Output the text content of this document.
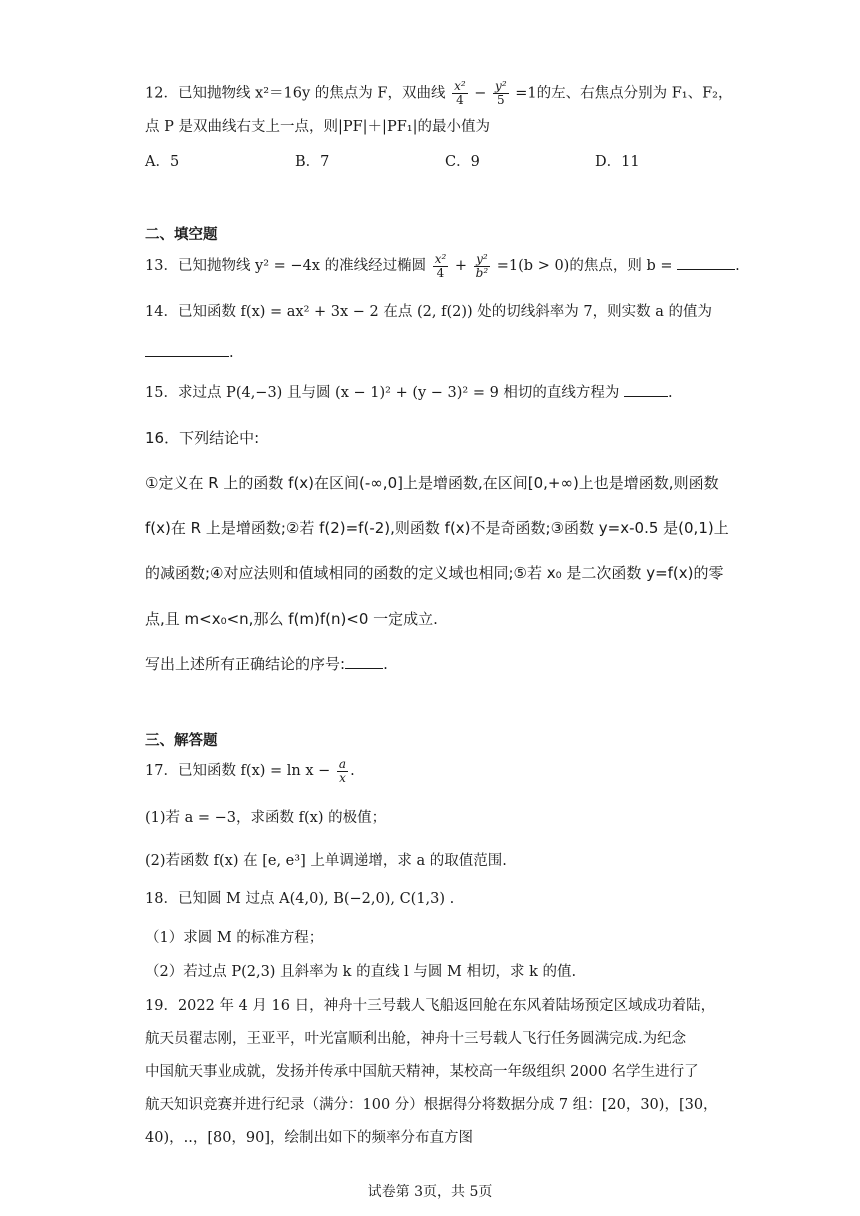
12．已知抛物线 x²＝16y 的焦点为 F，双曲线 $\frac{\text{x²}}{4} - \frac{\text{y²}}{5} =1$的左、右焦点分别为 F₁、F₂，
点 P 是双曲线右支上一点，则|PF|＋|PF₁|的最小值为
A．5	B．7	C．9	D．11
二、填空题
13．已知抛物线 y² = −4x 的准线经过椭圆 $\frac{\text{x²}}{4} + \frac{\text{y²}}{\text{b²}} =1(b > 0)$的焦点，则 b =	.
14．已知函数 f(x) = ax² + 3x − 2 在点 (2, f(2)) 处的切线斜率为 7，则实数 a 的值为
.
15．求过点 P(4,−3) 且与圆 (x − 1)² + (y − 3)² = 9 相切的直线方程为	.
16．下列结论中:
①定义在 R 上的函数 f(x)在区间(-∞,0]上是增函数,在区间[0,+∞)上也是增函数,则函数
f(x)在 R 上是增函数;②若 f(2)=f(-2),则函数 f(x)不是奇函数;③函数 y=x-0.5 是(0,1)上
的减函数;④对应法则和值域相同的函数的定义域也相同;⑤若 x₀ 是二次函数 y=f(x)的零
点,且 m<x₀<n,那么 f(m)f(n)<0 一定成立.
写出上述所有正确结论的序号:	.
三、解答题
17．已知函数 $f(x) = \ln x - \frac{a}{x}$ .
(1)若 a = −3，求函数 f(x) 的极值；
(2)若函数 f(x) 在 [e, e³] 上单调递增，求 a 的取值范围.
18．已知圆 M 过点 A(4,0), B(−2,0), C(1,3) .
（1）求圆 M 的标准方程；
（2）若过点 P(2,3) 且斜率为 k 的直线 l 与圆 M 相切，求 k 的值.
19．2022 年 4 月 16 日，神舟十三号载人飞船返回舱在东风着陆场预定区域成功着陆，
航天员翟志刚，王亚平，叶光富顺利出舱，神舟十三号载人飞行任务圆满完成.为纪念
中国航天事业成就，发扬并传承中国航天精神，某校高一年级组织 2000 名学生进行了
航天知识竞赛并进行纪录（满分：100 分）根据得分将数据分成 7 组：[20，30)，[30，
40)，..，[80，90]，绘制出如下的频率分布直方图
试卷第 3页，共 5页
